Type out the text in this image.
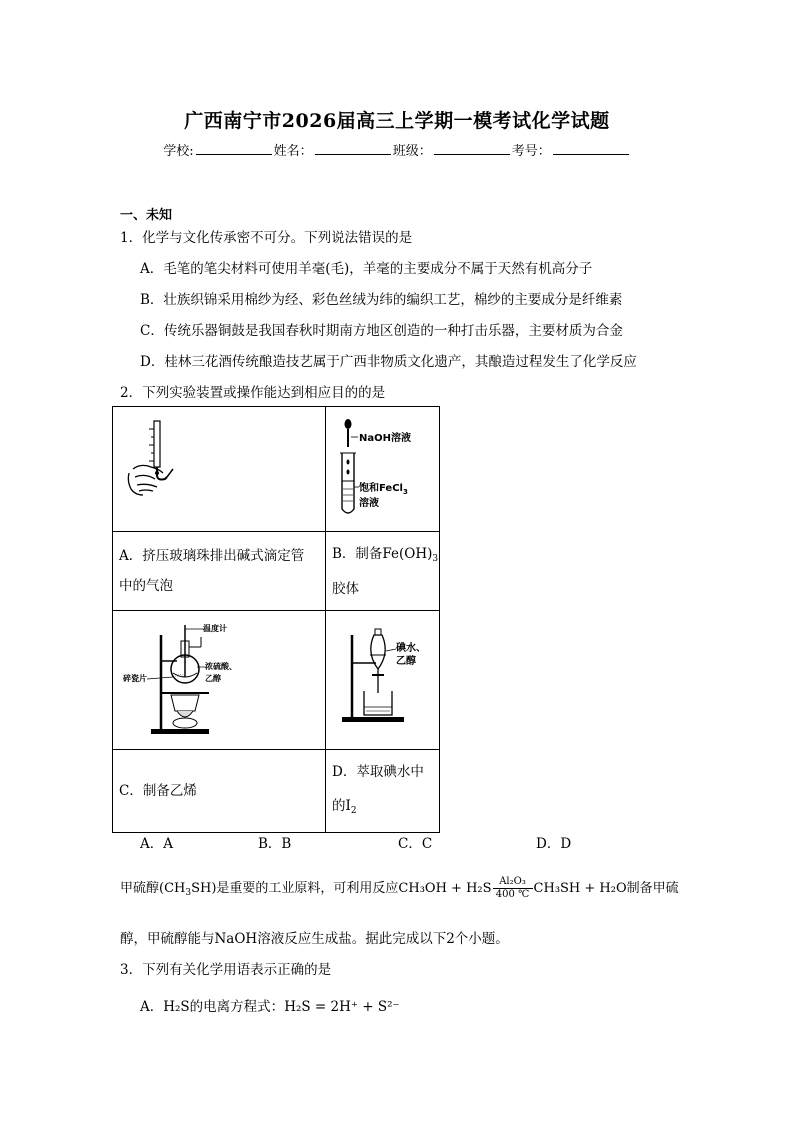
广西南宁市2026届高三上学期一模考试化学试题
学校:	姓名：	班级：	考号：
一、未知
1．化学与文化传承密不可分。下列说法错误的是
A．毛笔的笔尖材料可使用羊毫(毛)，羊毫的主要成分不属于天然有机高分子
B．壮族织锦采用棉纱为经、彩色丝绒为纬的编织工艺，棉纱的主要成分是纤维素
C．传统乐器铜鼓是我国春秋时期南方地区创造的一种打击乐器，主要材质为合金
D．桂林三花酒传统酿造技艺属于广西非物质文化遗产，其酿造过程发生了化学反应
2．下列实验装置或操作能达到相应目的的是

NaOH溶液
饱和FeCl$_3$
溶液

A．挤压玻璃珠排出碱式滴定管中的气泡	B．制备$Fe(OH)_3$
胶体

温度计
∴∵∴
浓硫酸、
乙醇
碎瓷片	碘水、
乙醇

C．制备乙烯	D．萃取碘水中的$I_2$
A．A	B．B	C．C	D．D
甲硫醇$(CH_3SH)$是重要的工业原料，可利用反应$CH_3OH + H_2S \frac{\text{Al₂O₃}}{400 ℃} CH_3SH + H_2O$制备甲硫
醇，甲硫醇能与NaOH溶液反应生成盐。据此完成以下2个小题。
3．下列有关化学用语表示正确的是
A．H₂S的电离方程式：H₂S = 2H⁺ + S²⁻
